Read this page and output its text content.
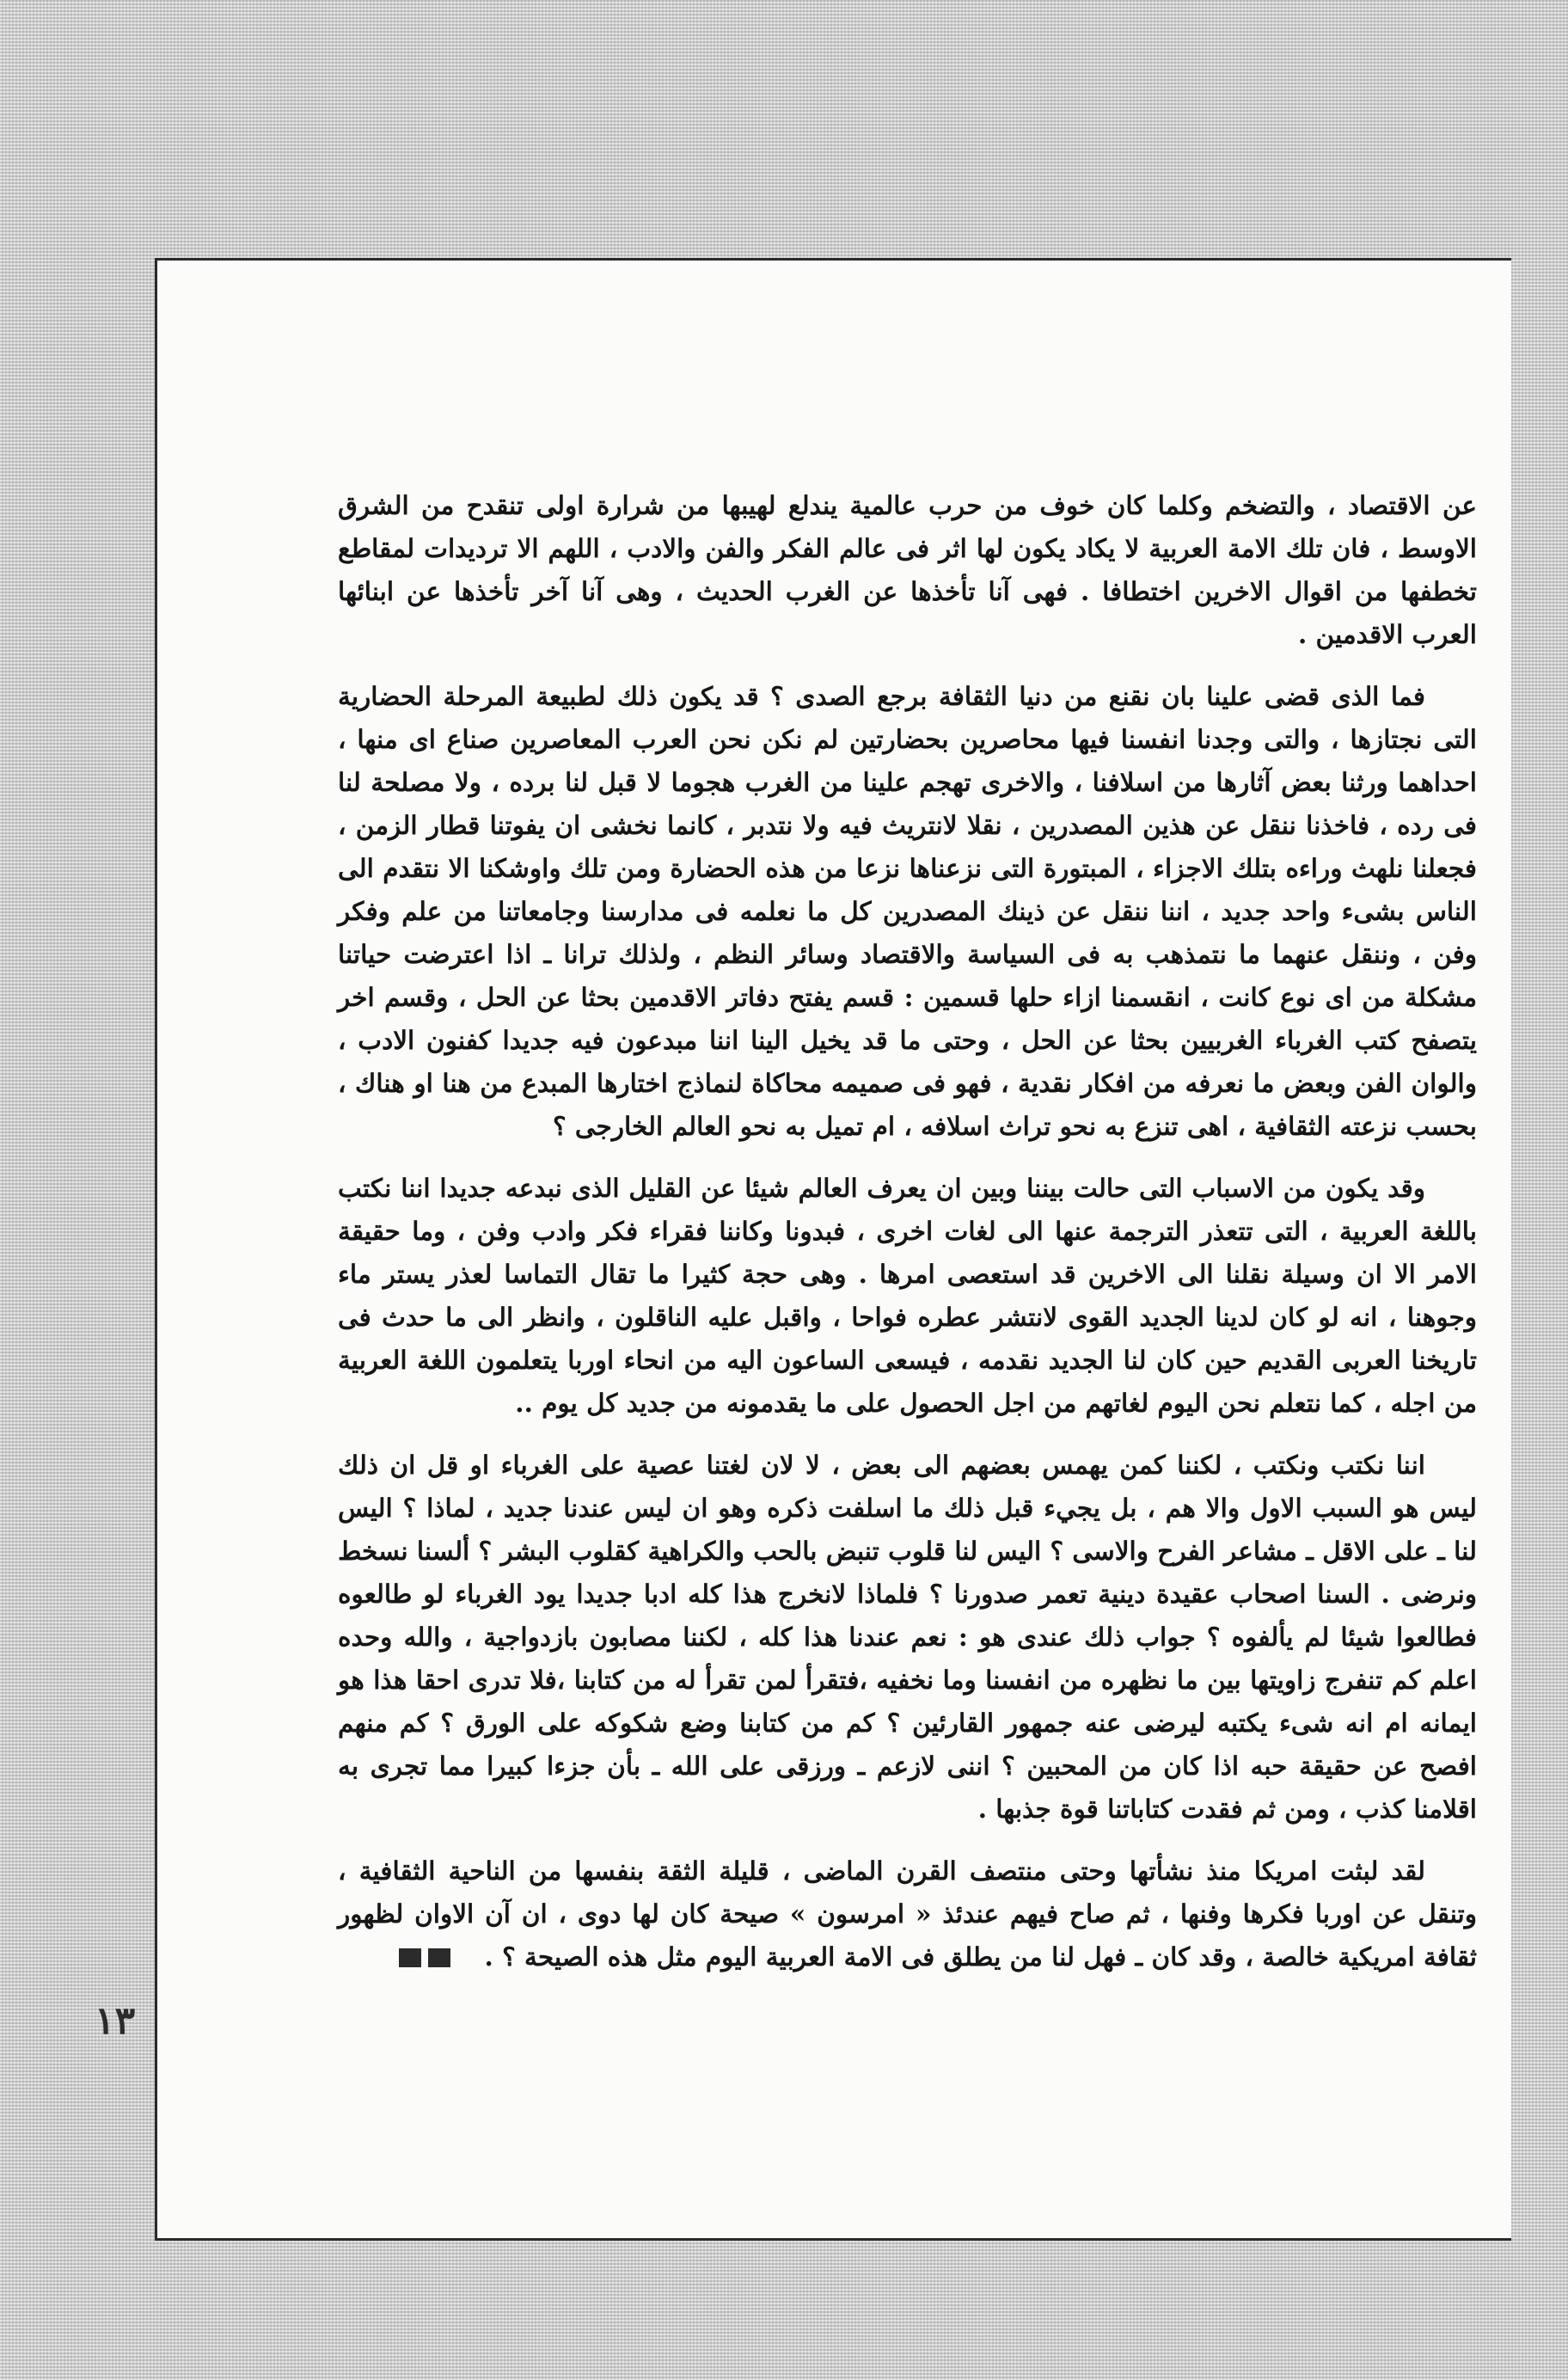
عن الاقتصاد ، والتضخم وكلما كان خوف من حرب عالمية يندلع لهيبها من شرارة اولى تنقدح من الشرق الاوسط ، فان تلك الامة العربية لا يكاد يكون لها اثر فى عالم الفكر والفن والادب ، اللهم الا ترديدات لمقاطع تخطفها من اقوال الاخرين اختطافا . فهى آنا تأخذها عن الغرب الحديث ، وهى آنا آخر تأخذها عن ابنائها العرب الاقدمين .

فما الذى قضى علينا بان نقنع من دنيا الثقافة برجع الصدى ؟ قد يكون ذلك لطبيعة المرحلة الحضارية التى نجتازها ، والتى وجدنا انفسنا فيها محاصرين بحضارتين لم نكن نحن العرب المعاصرين صناع اى منها ، احداهما ورثنا بعض آثارها من اسلافنا ، والاخرى تهجم علينا من الغرب هجوما لا قبل لنا برده ، ولا مصلحة لنا فى رده ، فاخذنا ننقل عن هذين المصدرين ، نقلا لانتريث فيه ولا نتدبر ، كانما نخشى ان يفوتنا قطار الزمن ، فجعلنا نلهث وراءه بتلك الاجزاء ، المبتورة التى نزعناها نزعا من هذه الحضارة ومن تلك واوشكنا الا نتقدم الى الناس بشىء واحد جديد ، اننا ننقل عن ذينك المصدرين كل ما نعلمه فى مدارسنا وجامعاتنا من علم وفكر وفن ، وننقل عنهما ما نتمذهب به فى السياسة والاقتصاد وسائر النظم ، ولذلك ترانا ـ اذا اعترضت حياتنا مشكلة من اى نوع كانت ، انقسمنا ازاء حلها قسمين : قسم يفتح دفاتر الاقدمين بحثا عن الحل ، وقسم اخر يتصفح كتب الغرباء الغربيين بحثا عن الحل ، وحتى ما قد يخيل الينا اننا مبدعون فيه جديدا كفنون الادب ، والوان الفن وبعض ما نعرفه من افكار نقدية ، فهو فى صميمه محاكاة لنماذج اختارها المبدع من هنا او هناك ، بحسب نزعته الثقافية ، اهى تنزع به نحو تراث اسلافه ، ام تميل به نحو العالم الخارجى ؟

وقد يكون من الاسباب التى حالت بيننا وبين ان يعرف العالم شيئا عن القليل الذى نبدعه جديدا اننا نكتب باللغة العربية ، التى تتعذر الترجمة عنها الى لغات اخرى ، فبدونا وكاننا فقراء فكر وادب وفن ، وما حقيقة الامر الا ان وسيلة نقلنا الى الاخرين قد استعصى امرها . وهى حجة كثيرا ما تقال التماسا لعذر يستر ماء وجوهنا ، انه لو كان لدينا الجديد القوى لانتشر عطره فواحا ، واقبل عليه الناقلون ، وانظر الى ما حدث فى تاريخنا العربى القديم حين كان لنا الجديد نقدمه ، فيسعى الساعون اليه من انحاء اوربا يتعلمون اللغة العربية من اجله ، كما نتعلم نحن اليوم لغاتهم من اجل الحصول على ما يقدمونه من جديد كل يوم ..

اننا نكتب ونكتب ، لكننا كمن يهمس بعضهم الى بعض ، لا لان لغتنا عصية على الغرباء او قل ان ذلك ليس هو السبب الاول والا هم ، بل يجيء قبل ذلك ما اسلفت ذكره وهو ان ليس عندنا جديد ، لماذا ؟ اليس لنا ـ على الاقل ـ مشاعر الفرح والاسى ؟ اليس لنا قلوب تنبض بالحب والكراهية كقلوب البشر ؟ ألسنا نسخط ونرضى . السنا اصحاب عقيدة دينية تعمر صدورنا ؟ فلماذا لانخرج هذا كله ادبا جديدا يود الغرباء لو طالعوه فطالعوا شيئا لم يألفوه ؟ جواب ذلك عندى هو : نعم عندنا هذا كله ، لكننا مصابون بازدواجية ، والله وحده اعلم كم تنفرج زاويتها بين ما نظهره من انفسنا وما نخفيه ،فتقرأ لمن تقرأ له من كتابنا ،فلا تدرى احقا هذا هو ايمانه ام انه شىء يكتبه ليرضى عنه جمهور القارئين ؟ كم من كتابنا وضع شكوكه على الورق ؟ كم منهم افصح عن حقيقة حبه اذا كان من المحبين ؟ اننى لازعم ـ ورزقى على الله ـ بأن جزءا كبيرا مما تجرى به اقلامنا كذب ، ومن ثم فقدت كتاباتنا قوة جذبها .

لقد لبثت امريكا منذ نشأتها وحتى منتصف القرن الماضى ، قليلة الثقة بنفسها من الناحية الثقافية ، وتنقل عن اوربا فكرها وفنها ، ثم صاح فيهم عندئذ « امرسون » صيحة كان لها دوى ، ان آن الاوان لظهور ثقافة امريكية خالصة ، وقد كان ـ فهل لنا من يطلق فى الامة العربية اليوم مثل هذه الصيحة ؟ .

١٣
